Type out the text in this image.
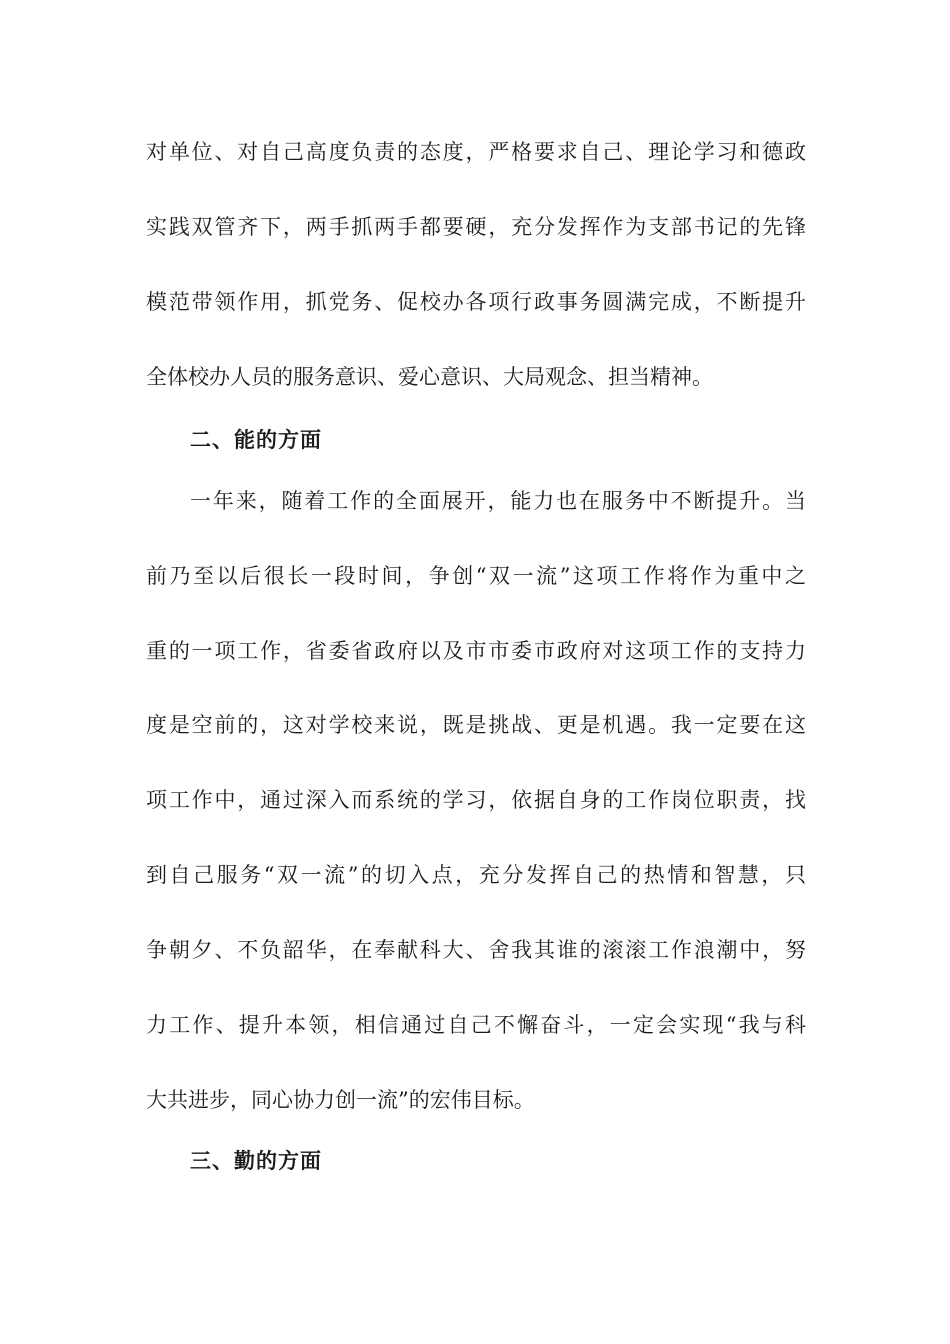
对单位、对自己高度负责的态度，严格要求自己、理论学习和德政
实践双管齐下，两手抓两手都要硬，充分发挥作为支部书记的先锋
模范带领作用，抓党务、促校办各项行政事务圆满完成，不断提升
全体校办人员的服务意识、爱心意识、大局观念、担当精神。
二、能的方面
一年来，随着工作的全面展开，能力也在服务中不断提升。当
前乃至以后很长一段时间，争创“双一流”这项工作将作为重中之
重的一项工作，省委省政府以及市市委市政府对这项工作的支持力
度是空前的，这对学校来说，既是挑战、更是机遇。我一定要在这
项工作中，通过深入而系统的学习，依据自身的工作岗位职责，找
到自己服务“双一流”的切入点，充分发挥自己的热情和智慧，只
争朝夕、不负韶华，在奉献科大、舍我其谁的滚滚工作浪潮中，努
力工作、提升本领，相信通过自己不懈奋斗，一定会实现“我与科
大共进步，同心协力创一流”的宏伟目标。
三、勤的方面
